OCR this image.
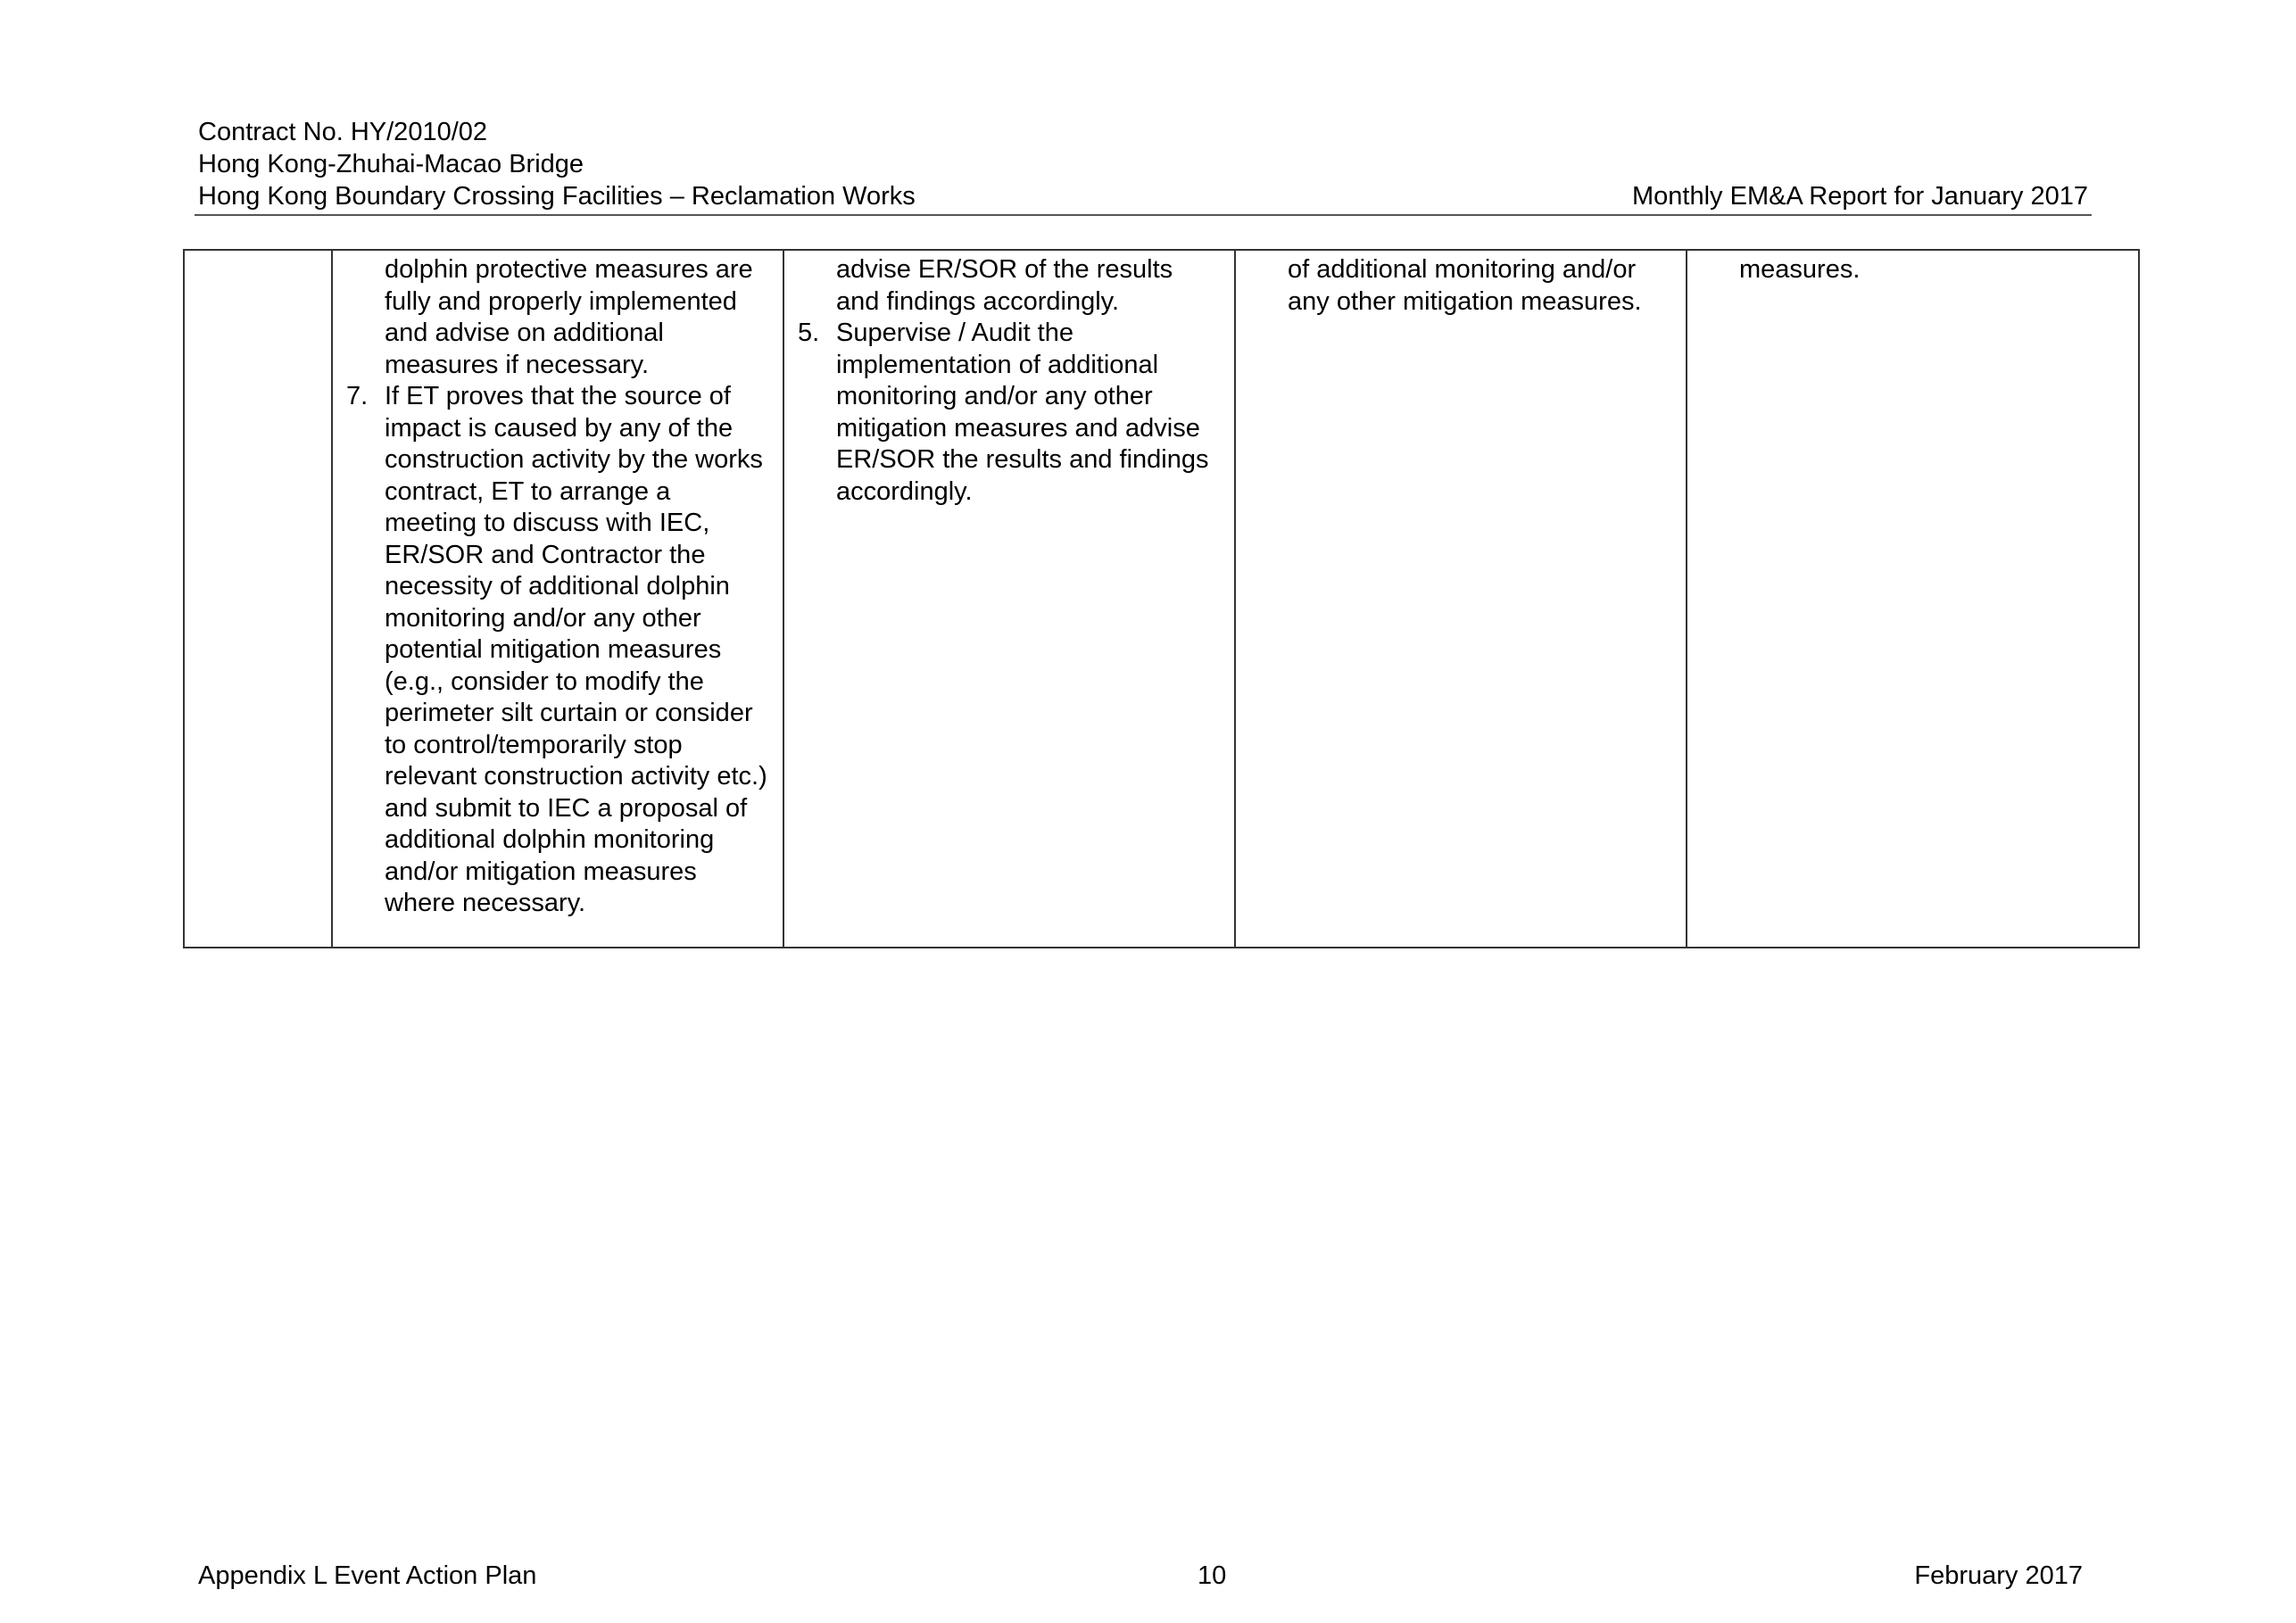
Contract No. HY/2010/02
Hong Kong-Zhuhai-Macao Bridge
Hong Kong Boundary Crossing Facilities – Reclamation Works	Monthly EM&A Report for January 2017

dolphin protective measures are fully and properly implemented and advise on additional measures if necessary.
7. If ET proves that the source of impact is caused by any of the construction activity by the works contract, ET to arrange a meeting to discuss with IEC, ER/SOR and Contractor the necessity of additional dolphin monitoring and/or any other potential mitigation measures (e.g., consider to modify the perimeter silt curtain or consider to control/temporarily stop relevant construction activity etc.) and submit to IEC a proposal of additional dolphin monitoring and/or mitigation measures where necessary.

advise ER/SOR of the results and findings accordingly.
5. Supervise / Audit the implementation of additional monitoring and/or any other mitigation measures and advise ER/SOR the results and findings accordingly.

of additional monitoring and/or any other mitigation measures.

measures.
Appendix L Event Action Plan	10	February 2017
